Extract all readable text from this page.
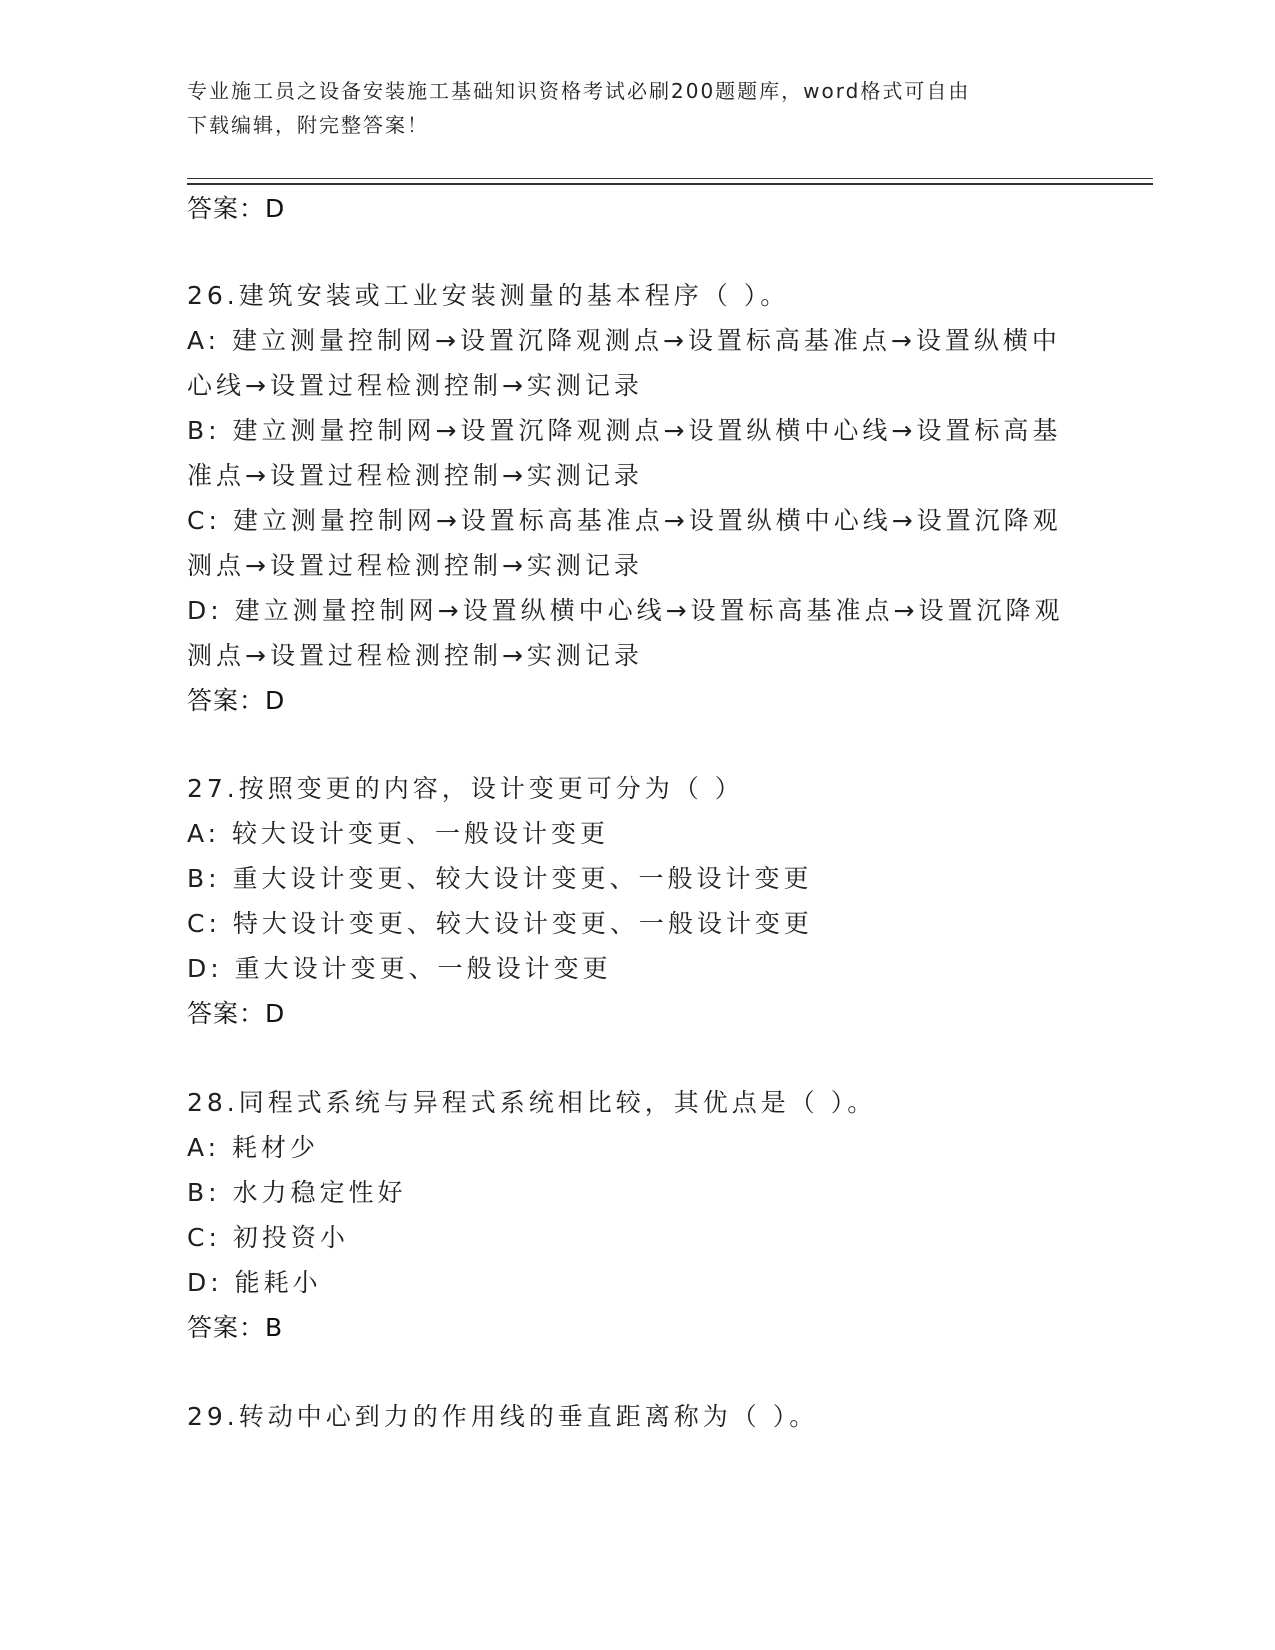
专业施工员之设备安装施工基础知识资格考试必刷200题题库，word格式可自由
下载编辑，附完整答案！
答案：D
26.建筑安装或工业安装测量的基本程序（ ）。
A: 建立测量控制网→设置沉降观测点→设置标高基准点→设置纵横中
心线→设置过程检测控制→实测记录
B: 建立测量控制网→设置沉降观测点→设置纵横中心线→设置标高基
准点→设置过程检测控制→实测记录
C: 建立测量控制网→设置标高基准点→设置纵横中心线→设置沉降观
测点→设置过程检测控制→实测记录
D: 建立测量控制网→设置纵横中心线→设置标高基准点→设置沉降观
测点→设置过程检测控制→实测记录
答案：D
27.按照变更的内容，设计变更可分为（ ）
A: 较大设计变更、一般设计变更
B: 重大设计变更、较大设计变更、一般设计变更
C: 特大设计变更、较大设计变更、一般设计变更
D: 重大设计变更、一般设计变更
答案：D
28.同程式系统与异程式系统相比较，其优点是（ ）。
A: 耗材少
B: 水力稳定性好
C: 初投资小
D: 能耗小
答案：B
29.转动中心到力的作用线的垂直距离称为（ ）。
